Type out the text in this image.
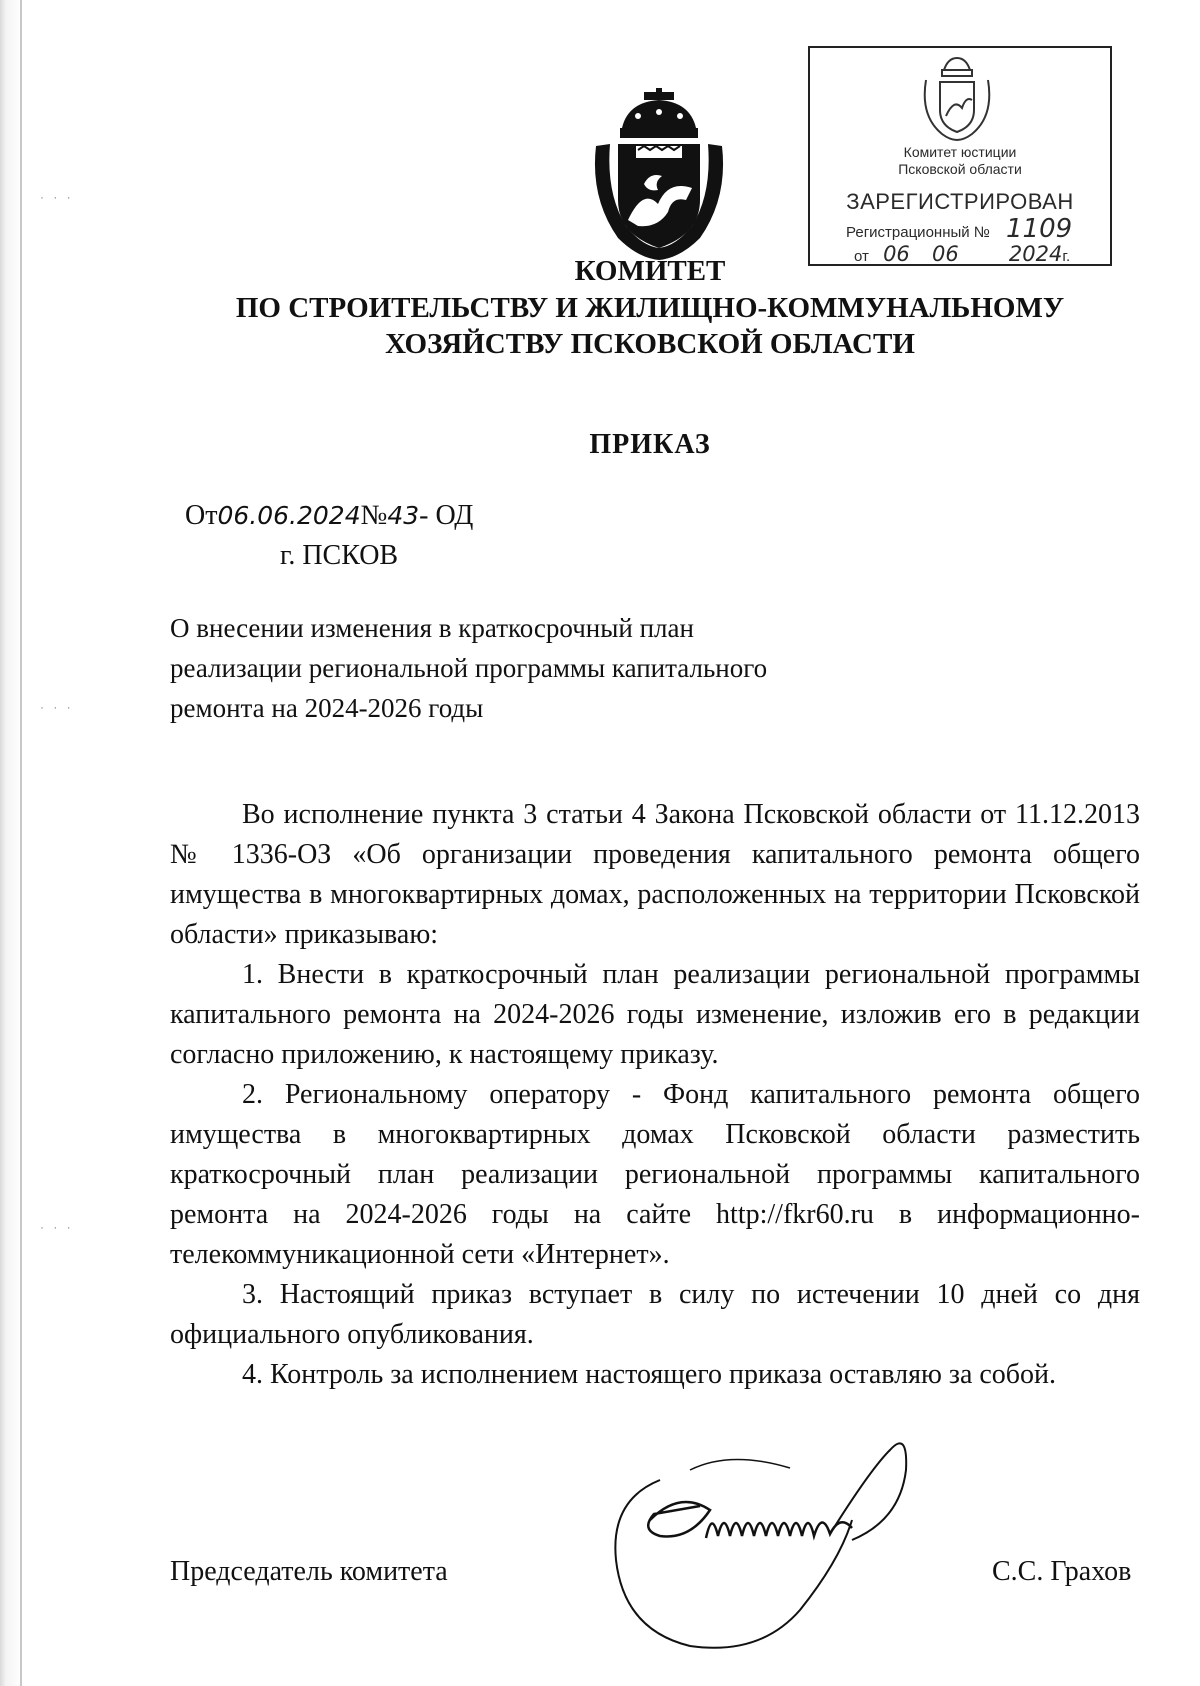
· · ·
· · ·
· · ·
Комитет юстиции
Псковской области
ЗАРЕГИСТРИРОВАН
Регистрационный № 1109
от 06 06 2024г.
КОМИТЕТ
ПО СТРОИТЕЛЬСТВУ И ЖИЛИЩНО-КОММУНАЛЬНОМУ
ХОЗЯЙСТВУ ПСКОВСКОЙ ОБЛАСТИ
ПРИКАЗ
От06.06.2024№43- ОД
г. ПСКОВ
О внесении изменения в краткосрочный план
реализации региональной программы капитального
ремонта на 2024-2026 годы

Во исполнение пункта 3 статьи 4 Закона Псковской области от 11.12.2013 № 1336-ОЗ «Об организации проведения капитального ремонта общего имущества в многоквартирных домах, расположенных на территории Псковской области» приказываю:

1. Внести в краткосрочный план реализации региональной программы капитального ремонта на 2024-2026 годы изменение, изложив его в редакции согласно приложению, к настоящему приказу.

2. Региональному оператору - Фонд капитального ремонта общего имущества в многоквартирных домах Псковской области разместить краткосрочный план реализации региональной программы капитального ремонта на 2024-2026 годы на сайте http://fkr60.ru в информационно-телекоммуникационной сети «Интернет».

3. Настоящий приказ вступает в силу по истечении 10 дней со дня официального опубликования.

4. Контроль за исполнением настоящего приказа оставляю за собой.

Председатель комитета	С.С. Грахов
